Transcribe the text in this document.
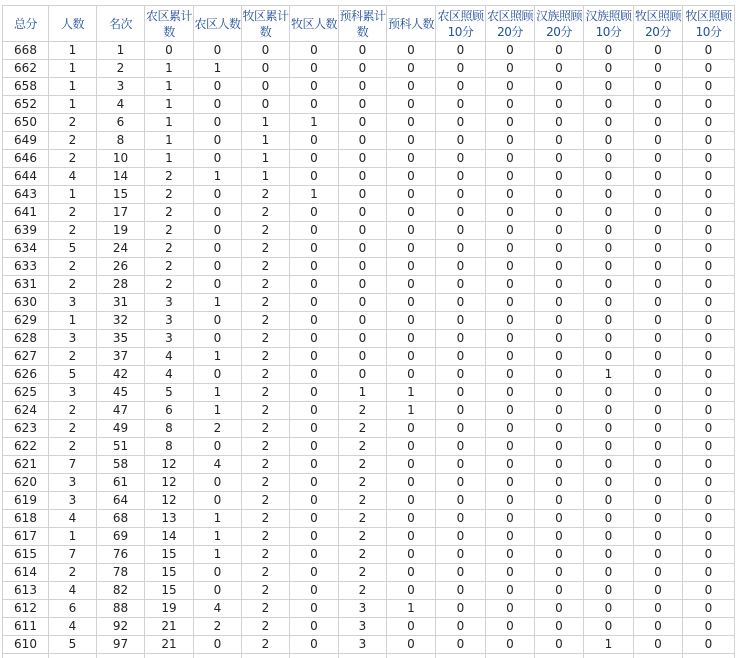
总分	人数	名次	农区累计数	农区人数	牧区累计数	牧区人数	预科累计数	预科人数	农区照顾10分	农区照顾20分	汉族照顾20分	汉族照顾10分	牧区照顾20分	牧区照顾10分
668	1	1	0	0	0	0	0	0	0	0	0	0	0	0
662	1	2	1	1	0	0	0	0	0	0	0	0	0	0
658	1	3	1	0	0	0	0	0	0	0	0	0	0	0
652	1	4	1	0	0	0	0	0	0	0	0	0	0	0
650	2	6	1	0	1	1	0	0	0	0	0	0	0	0
649	2	8	1	0	1	0	0	0	0	0	0	0	0	0
646	2	10	1	0	1	0	0	0	0	0	0	0	0	0
644	4	14	2	1	1	0	0	0	0	0	0	0	0	0
643	1	15	2	0	2	1	0	0	0	0	0	0	0	0
641	2	17	2	0	2	0	0	0	0	0	0	0	0	0
639	2	19	2	0	2	0	0	0	0	0	0	0	0	0
634	5	24	2	0	2	0	0	0	0	0	0	0	0	0
633	2	26	2	0	2	0	0	0	0	0	0	0	0	0
631	2	28	2	0	2	0	0	0	0	0	0	0	0	0
630	3	31	3	1	2	0	0	0	0	0	0	0	0	0
629	1	32	3	0	2	0	0	0	0	0	0	0	0	0
628	3	35	3	0	2	0	0	0	0	0	0	0	0	0
627	2	37	4	1	2	0	0	0	0	0	0	0	0	0
626	5	42	4	0	2	0	0	0	0	0	0	1	0	0
625	3	45	5	1	2	0	1	1	0	0	0	0	0	0
624	2	47	6	1	2	0	2	1	0	0	0	0	0	0
623	2	49	8	2	2	0	2	0	0	0	0	0	0	0
622	2	51	8	0	2	0	2	0	0	0	0	0	0	0
621	7	58	12	4	2	0	2	0	0	0	0	0	0	0
620	3	61	12	0	2	0	2	0	0	0	0	0	0	0
619	3	64	12	0	2	0	2	0	0	0	0	0	0	0
618	4	68	13	1	2	0	2	0	0	0	0	0	0	0
617	1	69	14	1	2	0	2	0	0	0	0	0	0	0
615	7	76	15	1	2	0	2	0	0	0	0	0	0	0
614	2	78	15	0	2	0	2	0	0	0	0	0	0	0
613	4	82	15	0	2	0	2	0	0	0	0	0	0	0
612	6	88	19	4	2	0	3	1	0	0	0	0	0	0
611	4	92	21	2	2	0	3	0	0	0	0	0	0	0
610	5	97	21	0	2	0	3	0	0	0	0	1	0	0
